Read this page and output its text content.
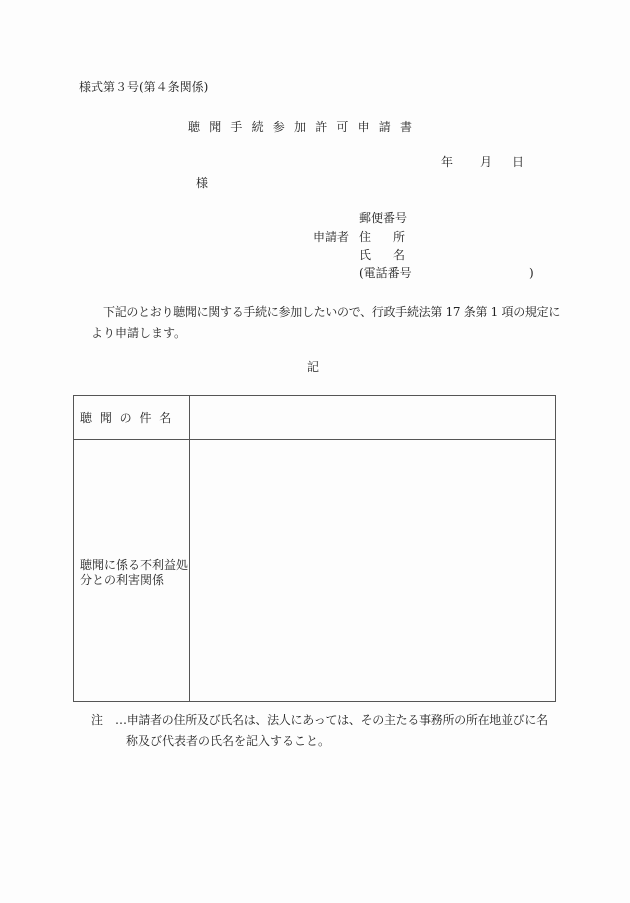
様式第３号(第４条関係)
聴聞手続参加許可申請書
年 月 日
様
郵便番号
申請者 住 所
氏 名
(電話番号	)
下記のとおり聴聞に関する手続に参加したいので、行政手続法第 17 条第 1 項の規定に
より申請します。
記
聴 聞 の 件 名
聴聞に係る不利益処
分との利害関係
注 …申請者の住所及び氏名は、法人にあっては、その主たる事務所の所在地並びに名
称及び代表者の氏名を記入すること。
